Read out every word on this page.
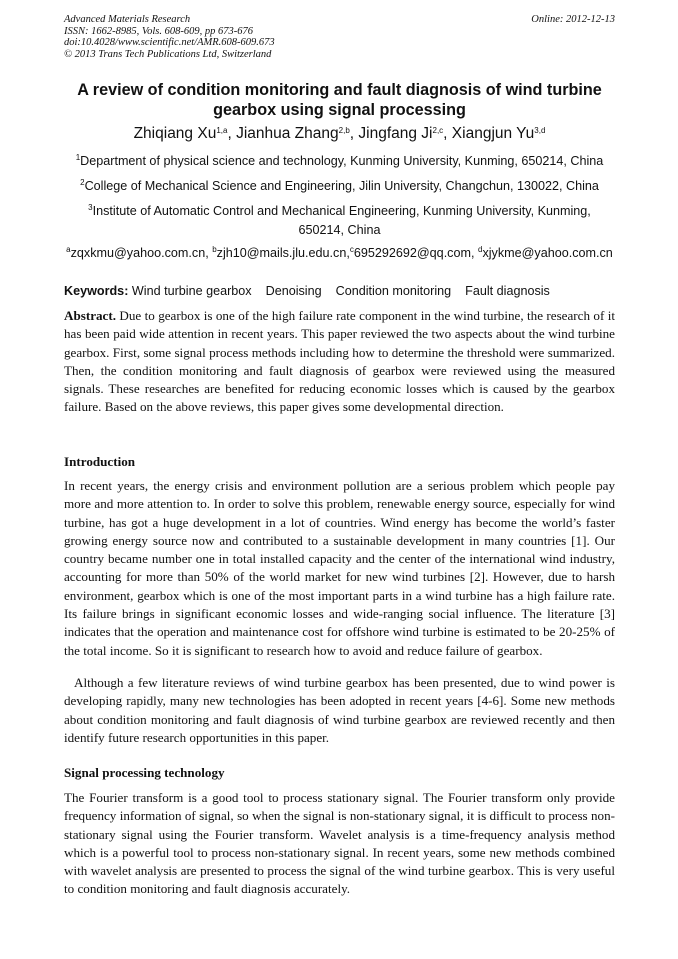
Advanced Materials Research	Online: 2012-12-13
ISSN: 1662-8985, Vols. 608-609, pp 673-676
doi:10.4028/www.scientific.net/AMR.608-609.673
© 2013 Trans Tech Publications Ltd, Switzerland
A review of condition monitoring and fault diagnosis of wind turbine gearbox using signal processing
Zhiqiang Xu$^{1,a}$, Jianhua Zhang$^{2,b}$, Jingfang Ji$^{2,c}$, Xiangjun Yu$^{3,d}$
$^1$Department of physical science and technology, Kunming University, Kunming, 650214, China
$^2$College of Mechanical Science and Engineering, Jilin University, Changchun, 130022, China
$^3$Institute of Automatic Control and Mechanical Engineering, Kunming University, Kunming, 650214, China
$^a$zqxkmu@yahoo.com.cn, $^b$zjh10@mails.jlu.edu.cn,$^c$695292692@qq.com, $^d$xjykme@yahoo.com.cn
Keywords: Wind turbine gearbox Denoising Condition monitoring Fault diagnosis
Abstract. Due to gearbox is one of the high failure rate component in the wind turbine, the research of it has been paid wide attention in recent years. This paper reviewed the two aspects about the wind turbine gearbox. First, some signal process methods including how to determine the threshold were summarized. Then, the condition monitoring and fault diagnosis of gearbox were reviewed using the measured signals. These researches are benefited for reducing economic losses which is caused by the gearbox failure. Based on the above reviews, this paper gives some developmental direction.
Introduction
In recent years, the energy crisis and environment pollution are a serious problem which people pay more and more attention to. In order to solve this problem, renewable energy source, especially for wind turbine, has got a huge development in a lot of countries. Wind energy has become the world’s faster growing energy source now and contributed to a sustainable development in many countries [1]. Our country became number one in total installed capacity and the center of the international wind industry, accounting for more than 50% of the world market for new wind turbines [2]. However, due to harsh environment, gearbox which is one of the most important parts in a wind turbine has a high failure rate. Its failure brings in significant economic losses and wide-ranging social influence. The literature [3] indicates that the operation and maintenance cost for offshore wind turbine is estimated to be 20-25% of the total income. So it is significant to research how to avoid and reduce failure of gearbox.
Although a few literature reviews of wind turbine gearbox has been presented, due to wind power is developing rapidly, many new technologies has been adopted in recent years [4-6]. Some new methods about condition monitoring and fault diagnosis of wind turbine gearbox are reviewed recently and then identify future research opportunities in this paper.
Signal processing technology
The Fourier transform is a good tool to process stationary signal. The Fourier transform only provide frequency information of signal, so when the signal is non-stationary signal, it is difficult to process non-stationary signal using the Fourier transform. Wavelet analysis is a time-frequency analysis method which is a powerful tool to process non-stationary signal. In recent years, some new methods combined with wavelet analysis are presented to process the signal of the wind turbine gearbox. This is very useful to condition monitoring and fault diagnosis accurately.
